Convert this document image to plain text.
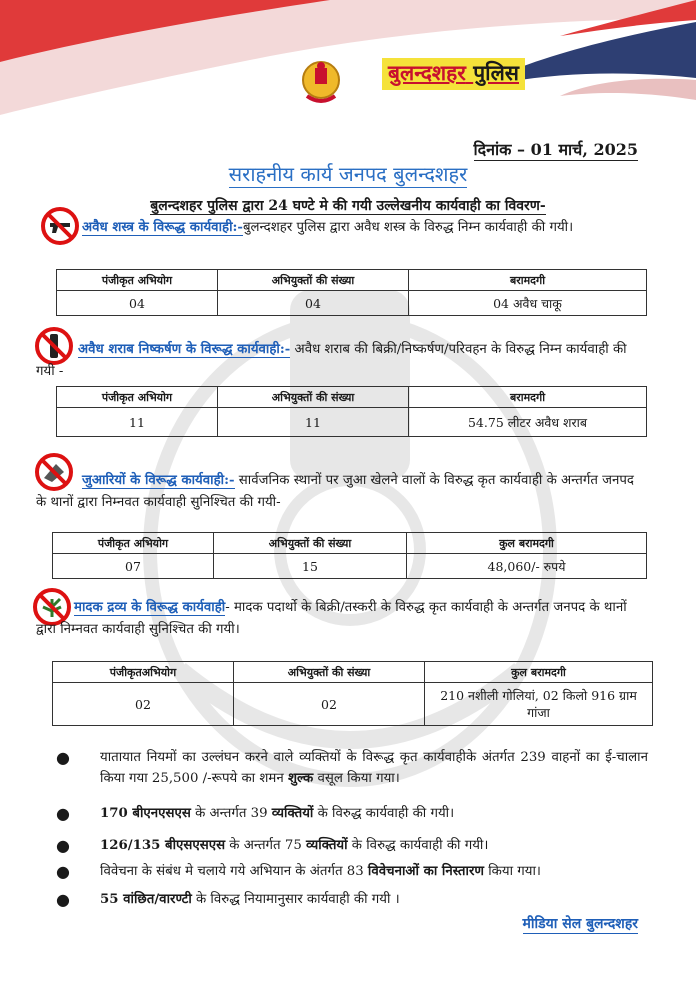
बुलन्दशहर पुलिस
दिनांक – 01 मार्च, 2025
सराहनीय कार्य जनपद बुलन्दशहर
बुलन्दशहर पुलिस द्वारा 24 घण्टे मे की गयी उल्लेखनीय कार्यवाही का विवरण-
अवैध शस्त्र के विरूद्ध कार्यवाही:-बुलन्दशहर पुलिस द्वारा अवैध शस्त्र के विरुद्ध निम्न कार्यवाही की गयी।
पंजीकृत अभियोग	अभियुक्तों की संख्या	बरामदगी
04	04	04 अवैध चाकू
अवैध शराब निष्कर्षण के विरूद्ध कार्यवाही:- अवैध शराब की बिक्री/निष्कर्षण/परिवहन के विरुद्ध निम्न कार्यवाही की गयी -
पंजीकृत अभियोग	अभियुक्तों की संख्या	बरामदगी
11	11	54.75 लीटर अवैध शराब
जुआरियों के विरूद्ध कार्यवाही:- सार्वजनिक स्थानों पर जुआ खेलने वालों के विरुद्ध कृत कार्यवाही के अन्तर्गत जनपद के थानों द्वारा निम्नवत कार्यवाही सुनिश्चित की गयी-
पंजीकृत अभियोग	अभियुक्तों की संख्या	कुल बरामदगी
07	15	48,060/- रुपये
मादक द्रव्य के विरूद्ध कार्यवाही- मादक पदार्थो के बिक्री/तस्करी के विरुद्ध कृत कार्यवाही के अन्तर्गत जनपद के थानों द्वारा निम्नवत कार्यवाही सुनिश्चित की गयी।
पंजीकृतअभियोग	अभियुक्तों की संख्या	कुल बरामदगी
02	02	210 नशीली गोलियां, 02 किलो 916 ग्राम गांजा
● यातायात नियमों का उल्लंघन करने वाले व्यक्तियों के विरूद्ध कृत कार्यवाहीके अंतर्गत 239 वाहनों का ई-चालान किया गया 25,500 /-रूपये का शमन शुल्क वसूल किया गया।
● 170 बीएनएसएस के अन्तर्गत 39 व्यक्तियों के विरुद्ध कार्यवाही की गयी।
● 126/135 बीएसएसएस के अन्तर्गत 75 व्यक्तियों के विरुद्ध कार्यवाही की गयी।
● विवेचना के संबंध मे चलाये गये अभियान के अंतर्गत 83 विवेचनाओं का निस्तारण किया गया।
● 55 वांछित/वारण्टी के विरुद्ध नियामानुसार कार्यवाही की गयी ।
मीडिया सेल बुलन्दशहर
